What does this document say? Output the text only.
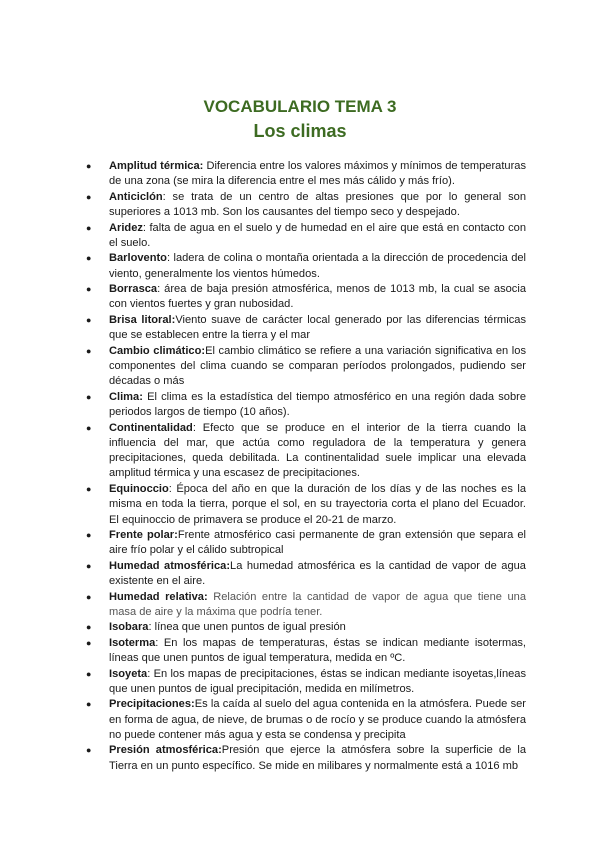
VOCABULARIO TEMA 3
Los climas
● Amplitud térmica: Diferencia entre los valores máximos y mínimos de temperaturas de una zona (se mira la diferencia entre el mes más cálido y más frío).
● Anticiclón: se trata de un centro de altas presiones que por lo general son superiores a 1013 mb. Son los causantes del tiempo seco y despejado.
● Aridez: falta de agua en el suelo y de humedad en el aire que está en contacto con el suelo.
● Barlovento: ladera de colina o montaña orientada a la dirección de procedencia del viento, generalmente los vientos húmedos.
● Borrasca: área de baja presión atmosférica, menos de 1013 mb, la cual se asocia con vientos fuertes y gran nubosidad.
● Brisa litoral:Viento suave de carácter local generado por las diferencias térmicas que se establecen entre la tierra y el mar
● Cambio climático:El cambio climático se refiere a una variación significativa en los componentes del clima cuando se comparan períodos prolongados, pudiendo ser décadas o más
● Clima: El clima es la estadística del tiempo atmosférico en una región dada sobre periodos largos de tiempo (10 años).
● Continentalidad: Efecto que se produce en el interior de la tierra cuando la influencia del mar, que actúa como reguladora de la temperatura y genera precipitaciones, queda debilitada. La continentalidad suele implicar una elevada amplitud térmica y una escasez de precipitaciones.
● Equinoccio: Época del año en que la duración de los días y de las noches es la misma en toda la tierra, porque el sol, en su trayectoria corta el plano del Ecuador. El equinoccio de primavera se produce el 20-21 de marzo.
● Frente polar:Frente atmosférico casi permanente de gran extensión que separa el aire frío polar y el cálido subtropical
● Humedad atmosférica:La humedad atmosférica es la cantidad de vapor de agua existente en el aire.
● Humedad relativa: Relación entre la cantidad de vapor de agua que tiene una masa de aire y la máxima que podría tener.
● Isobara: línea que unen puntos de igual presión
● Isoterma: En los mapas de temperaturas, éstas se indican mediante isotermas, líneas que unen puntos de igual temperatura, medida en ºC.
● Isoyeta: En los mapas de precipitaciones, éstas se indican mediante isoyetas,líneas que unen puntos de igual precipitación, medida en milímetros.
● Precipitaciones:Es la caída al suelo del agua contenida en la atmósfera. Puede ser en forma de agua, de nieve, de brumas o de rocío y se produce cuando la atmósfera no puede contener más agua y esta se condensa y precipita
● Presión atmosférica:Presión que ejerce la atmósfera sobre la superficie de la Tierra en un punto específico. Se mide en milibares y normalmente está a 1016 mb
